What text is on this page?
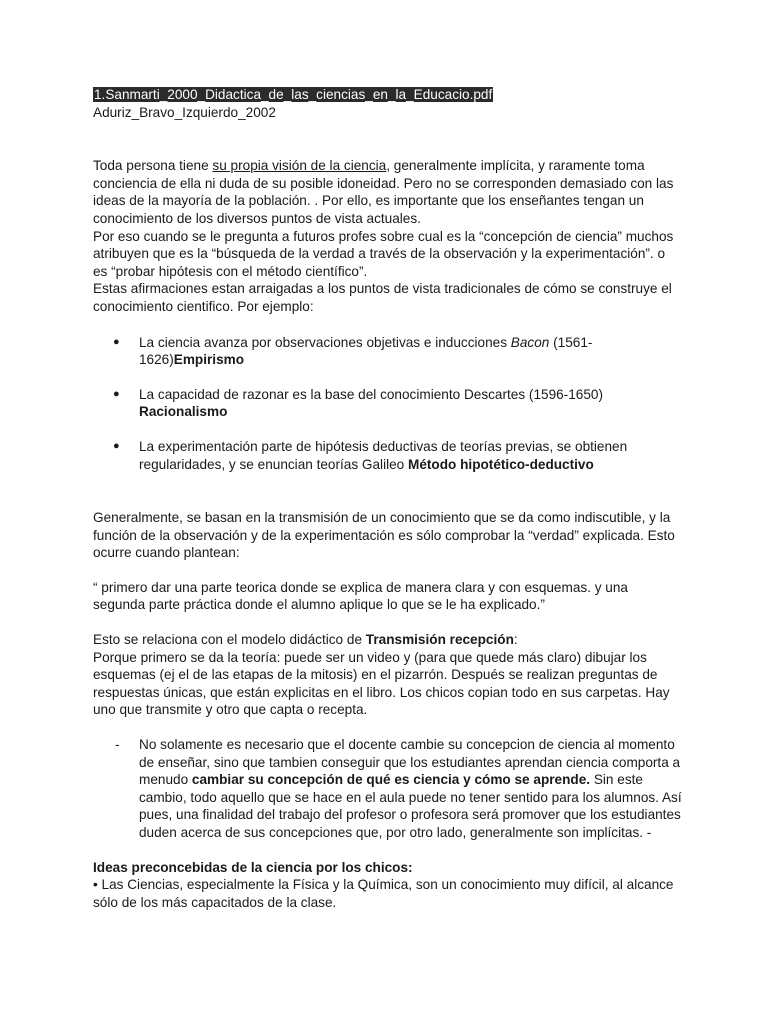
1.Sanmarti_2000_Didactica_de_las_ciencias_en_la_Educacio.pdf

Aduriz_Bravo_Izquierdo_2002

Toda persona tiene su propia visión de la ciencia, generalmente implícita, y raramente toma conciencia de ella ni duda de su posible idoneidad. Pero no se corresponden demasiado con las ideas de la mayoría de la población. . Por ello, es importante que los enseñantes tengan un conocimiento de los diversos puntos de vista actuales.

Por eso cuando se le pregunta a futuros profes sobre cual es la “concepción de ciencia” muchos atribuyen que es la “búsqueda de la verdad a través de la observación y la experimentación”. o es “probar hipótesis con el método científico”.

Estas afirmaciones estan arraigadas a los puntos de vista tradicionales de cómo se construye el conocimiento cientifico. Por ejemplo:

● La ciencia avanza por observaciones objetivas e inducciones Bacon (1561-1626)Empirismo
● La capacidad de razonar es la base del conocimiento Descartes (1596-1650) Racionalismo
● La experimentación parte de hipótesis deductivas de teorías previas, se obtienen regularidades, y se enuncian teorías Galileo Método hipotético-deductivo

Generalmente, se basan en la transmisión de un conocimiento que se da como indiscutible, y la función de la observación y de la experimentación es sólo comprobar la “verdad” explicada. Esto ocurre cuando plantean:

“ primero dar una parte teorica donde se explica de manera clara y con esquemas. y una segunda parte práctica donde el alumno aplique lo que se le ha explicado.”

Esto se relaciona con el modelo didáctico de Transmisión recepción:

Porque primero se da la teoría: puede ser un video y (para que quede más claro) dibujar los esquemas (ej el de las etapas de la mitosis) en el pizarrón. Después se realizan preguntas de respuestas únicas, que están explicitas en el libro. Los chicos copian todo en sus carpetas. Hay uno que transmite y otro que capta o recepta.

- No solamente es necesario que el docente cambie su concepcion de ciencia al momento de enseñar, sino que tambien conseguir que los estudiantes aprendan ciencia comporta a menudo cambiar su concepción de qué es ciencia y cómo se aprende. Sin este cambio, todo aquello que se hace en el aula puede no tener sentido para los alumnos. Así pues, una finalidad del trabajo del profesor o profesora será promover que los estudiantes duden acerca de sus concepciones que, por otro lado, generalmente son implícitas. -

Ideas preconcebidas de la ciencia por los chicos:

• Las Ciencias, especialmente la Física y la Química, son un conocimiento muy difícil, al alcance sólo de los más capacitados de la clase.
